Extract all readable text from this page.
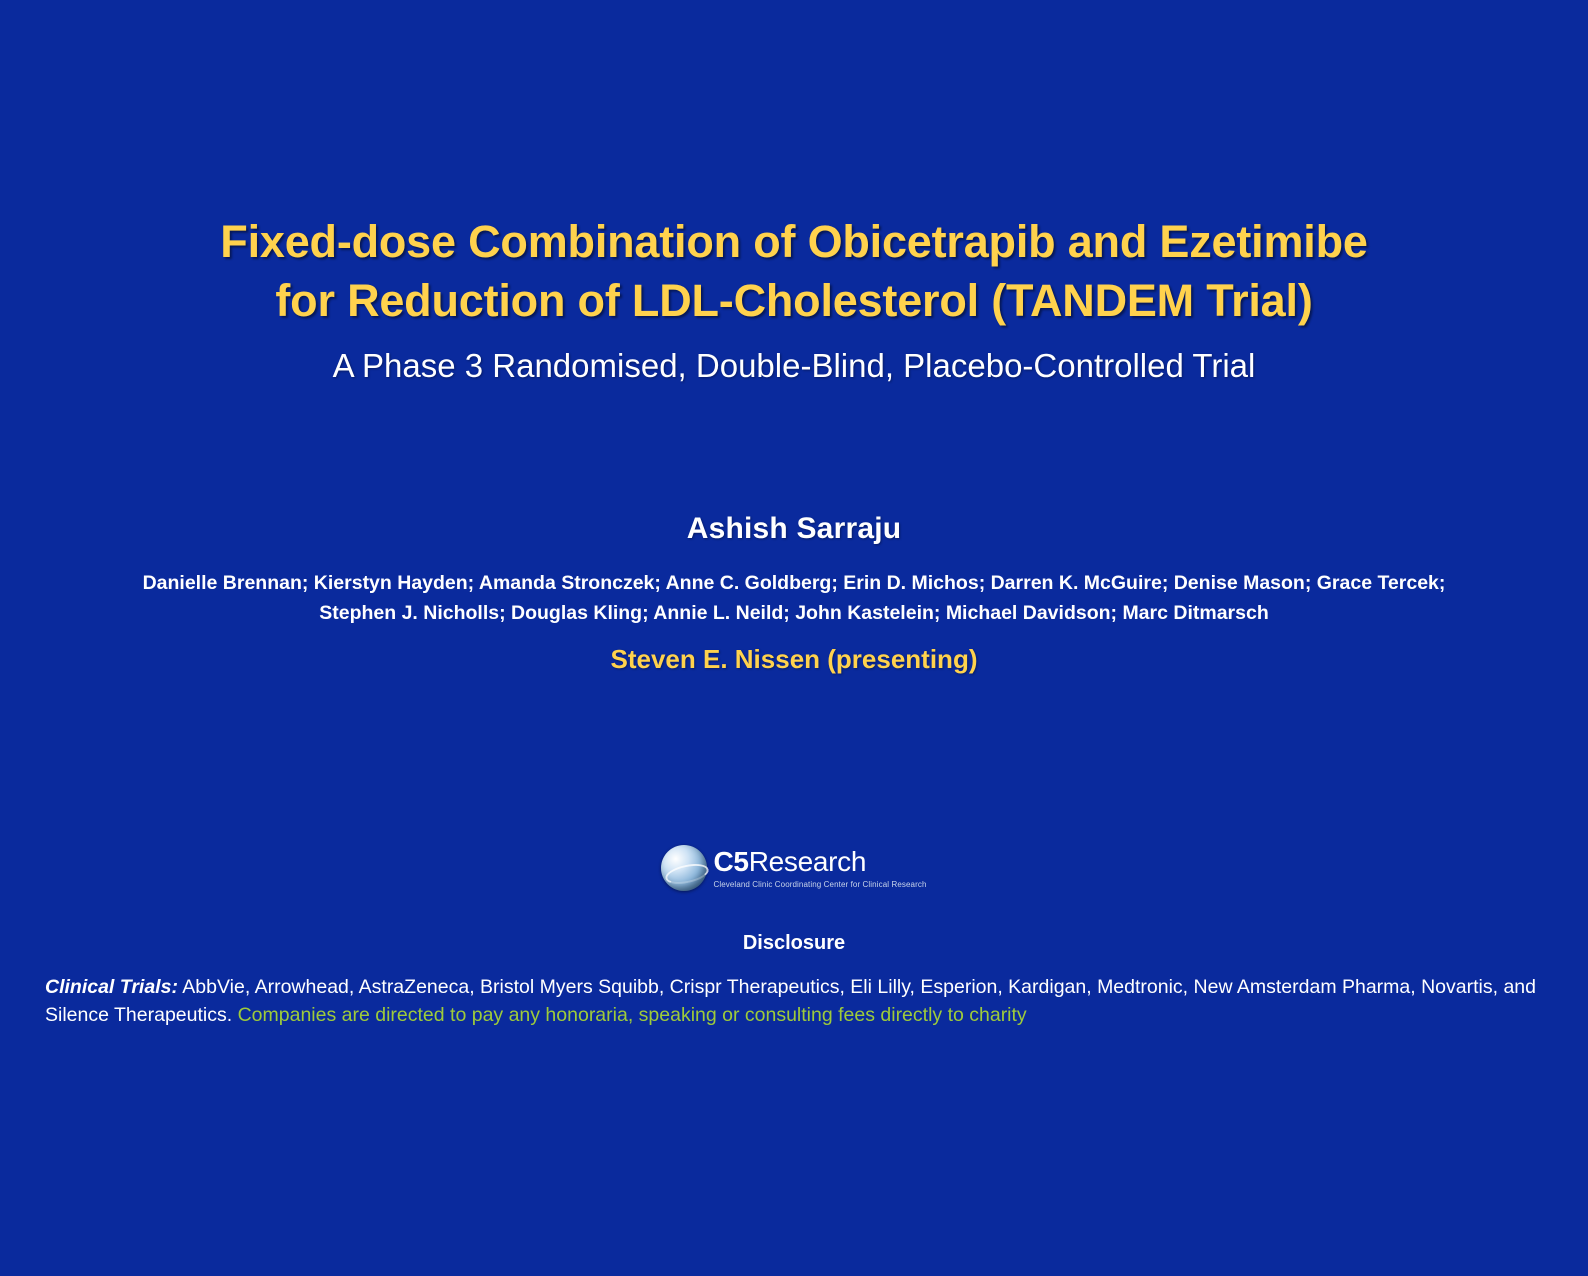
Fixed-dose Combination of Obicetrapib and Ezetimibe
for Reduction of LDL-Cholesterol (TANDEM Trial)
A Phase 3 Randomised, Double-Blind, Placebo-Controlled Trial
Ashish Sarraju
Danielle Brennan; Kierstyn Hayden; Amanda Stronczek; Anne C. Goldberg; Erin D. Michos; Darren K. McGuire; Denise Mason; Grace Tercek; Stephen J. Nicholls; Douglas Kling; Annie L. Neild; John Kastelein; Michael Davidson; Marc Ditmarsch
Steven E. Nissen (presenting)
C5Research
Cleveland Clinic Coordinating Center for Clinical Research
Disclosure
Clinical Trials: AbbVie, Arrowhead, AstraZeneca, Bristol Myers Squibb, Crispr Therapeutics, Eli Lilly, Esperion, Kardigan, Medtronic, New Amsterdam Pharma, Novartis, and Silence Therapeutics. Companies are directed to pay any honoraria, speaking or consulting fees directly to charity
